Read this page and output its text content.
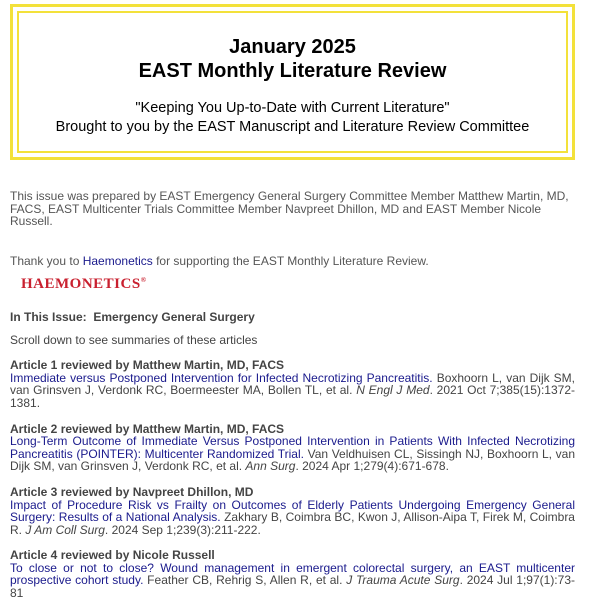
January 2025
EAST Monthly Literature Review
"Keeping You Up-to-Date with Current Literature"
Brought to you by the EAST Manuscript and Literature Review Committee

This issue was prepared by EAST Emergency General Surgery Committee Member Matthew Martin, MD, FACS, EAST Multicenter Trials Committee Member Navpreet Dhillon, MD and EAST Member Nicole Russell.

Thank you to Haemonetics for supporting the EAST Monthly Literature Review.
HAEMONETICS®
In This Issue: Emergency General Surgery
Scroll down to see summaries of these articles
Article 1 reviewed by Matthew Martin, MD, FACS
Immediate versus Postponed Intervention for Infected Necrotizing Pancreatitis. Boxhoorn L, van Dijk SM, van Grinsven J, Verdonk RC, Boermeester MA, Bollen TL, et al. N Engl J Med. 2021 Oct 7;385(15):1372-1381.
Article 2 reviewed by Matthew Martin, MD, FACS
Long-Term Outcome of Immediate Versus Postponed Intervention in Patients With Infected Necrotizing Pancreatitis (POINTER): Multicenter Randomized Trial. Van Veldhuisen CL, Sissingh NJ, Boxhoorn L, van Dijk SM, van Grinsven J, Verdonk RC, et al. Ann Surg. 2024 Apr 1;279(4):671-678.
Article 3 reviewed by Navpreet Dhillon, MD
Impact of Procedure Risk vs Frailty on Outcomes of Elderly Patients Undergoing Emergency General Surgery: Results of a National Analysis. Zakhary B, Coimbra BC, Kwon J, Allison-Aipa T, Firek M, Coimbra R. J Am Coll Surg. 2024 Sep 1;239(3):211-222.
Article 4 reviewed by Nicole Russell
To close or not to close? Wound management in emergent colorectal surgery, an EAST multicenter prospective cohort study. Feather CB, Rehrig S, Allen R, et al. J Trauma Acute Surg. 2024 Jul 1;97(1):73-81
